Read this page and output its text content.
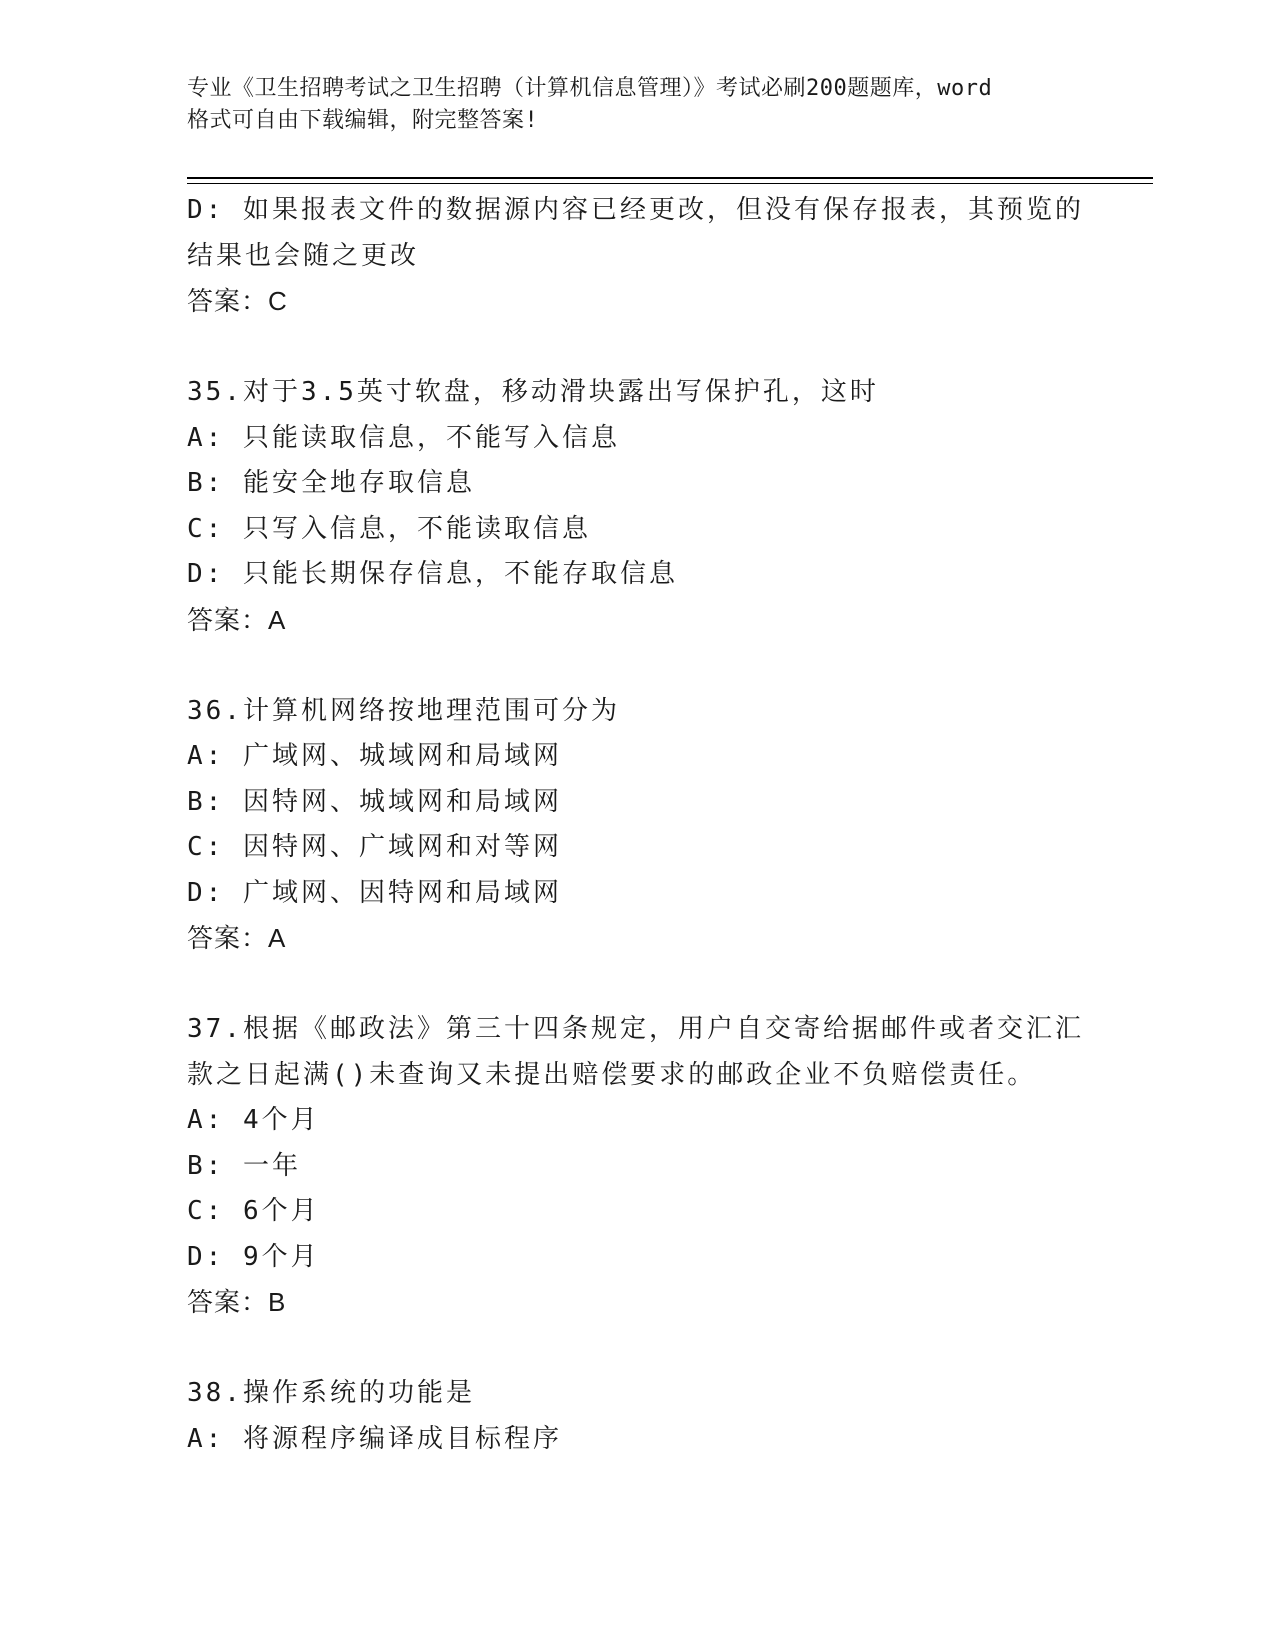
专业《卫生招聘考试之卫生招聘（计算机信息管理）》考试必刷200题题库，word
格式可自由下载编辑，附完整答案!
D: 如果报表文件的数据源内容已经更改，但没有保存报表，其预览的
结果也会随之更改
答案：C
35.对于3.5英寸软盘，移动滑块露出写保护孔，这时
A: 只能读取信息，不能写入信息
B: 能安全地存取信息
C: 只写入信息，不能读取信息
D: 只能长期保存信息，不能存取信息
答案：A
36.计算机网络按地理范围可分为
A: 广域网、城域网和局域网
B: 因特网、城域网和局域网
C: 因特网、广域网和对等网
D: 广域网、因特网和局域网
答案：A
37.根据《邮政法》第三十四条规定，用户自交寄给据邮件或者交汇汇
款之日起满()未查询又未提出赔偿要求的邮政企业不负赔偿责任。
A: 4个月
B: 一年
C: 6个月
D: 9个月
答案：B
38.操作系统的功能是
A: 将源程序编译成目标程序
